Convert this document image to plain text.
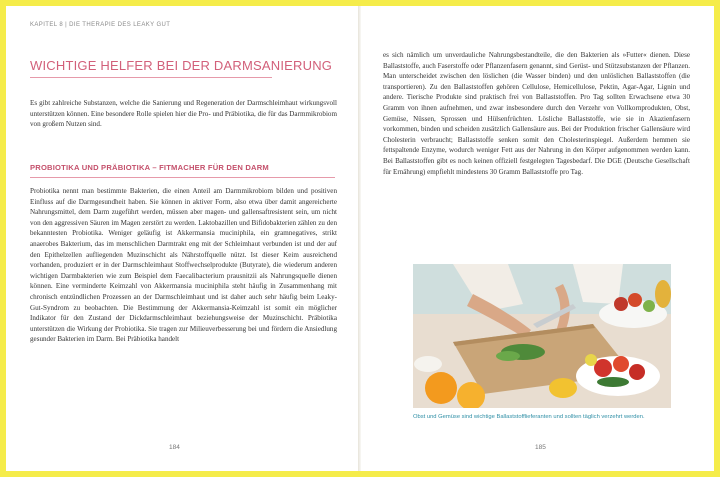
KAPITEL 8 | DIE THERAPIE DES LEAKY GUT
WICHTIGE HELFER BEI DER DARMSANIERUNG

Es gibt zahlreiche Substanzen, welche die Sanierung und Regeneration der Darmschleimhaut wirkungsvoll unterstützen können. Eine besondere Rolle spielen hier die Pro- und Präbiotika, die für das Darmmikrobiom von großem Nutzen sind.

PROBIOTIKA UND PRÄBIOTIKA – FITMACHER FÜR DEN DARM

Probiotika nennt man bestimmte Bakterien, die einen Anteil am Darmmikrobiom bilden und positiven Einfluss auf die Darmgesundheit haben. Sie können in aktiver Form, also etwa über damit angereicherte Nahrungsmittel, dem Darm zugeführt werden, müssen aber magen- und gallensaftresistent sein, um nicht von den aggressiven Säuren im Magen zerstört zu werden. Laktobazillen und Bifidobakterien zählen zu den bekanntesten Probiotika. Weniger geläufig ist Akkermansia muciniphila, ein gramnegatives, strikt anaerobes Bakterium, das im menschlichen Darmtrakt eng mit der Schleimhaut verbunden ist und der auf den Epithelzellen aufliegenden Muzinschicht als Nährstoffquelle nützt. Ist dieser Keim ausreichend vorhanden, produziert er in der Darmschleimhaut Stoffwechselprodukte (Butyrate), die wiederum anderen wichtigen Darmbakterien wie zum Beispiel dem Faecalibacterium prausnitzii als Nahrungsquelle dienen können. Eine verminderte Keimzahl von Akkermansia muciniphila steht häufig in Zusammenhang mit chronisch entzündlichen Prozessen an der Darmschleimhaut und ist daher auch sehr häufig beim Leaky-Gut-Syndrom zu beobachten. Die Bestimmung der Akkermansia-Keimzahl ist somit ein möglicher Indikator für den Zustand der Dickdarmschleimhaut beziehungsweise der Muzinschicht. Präbiotika unterstützen die Wirkung der Probiotika. Sie tragen zur Milieuverbesserung bei und fördern die Ansiedlung gesunder Bakterien im Darm. Bei Präbiotika handelt

184

es sich nämlich um unverdauliche Nahrungsbestandteile, die den Bakterien als »Futter« dienen. Diese Ballaststoffe, auch Faserstoffe oder Pflanzenfasern genannt, sind Gerüst- und Stützsubstanzen der Pflanzen. Man unterscheidet zwischen den löslichen (die Wasser binden) und den unlöslichen Ballaststoffen (die transportieren). Zu den Ballaststoffen gehören Cellulose, Hemicellulose, Pektin, Agar-Agar, Lignin und andere. Tierische Produkte sind praktisch frei von Ballaststoffen. Pro Tag sollten Erwachsene etwa 30 Gramm von ihnen aufnehmen, und zwar insbesondere durch den Verzehr von Vollkornprodukten, Obst, Gemüse, Nüssen, Sprossen und Hülsenfrüchten. Lösliche Ballaststoffe, wie sie in Akazienfasern vorkommen, binden und scheiden zusätzlich Gallensäure aus. Bei der Produktion frischer Gallensäure wird Cholesterin verbraucht; Ballaststoffe senken somit den Cholesterinspiegel. Außerdem hemmen sie fettspaltende Enzyme, wodurch weniger Fett aus der Nahrung in den Körper aufgenommen werden kann. Bei Ballaststoffen gibt es noch keinen offiziell festgelegten Tagesbedarf. Die DGE (Deutsche Gesellschaft für Ernährung) empfiehlt mindestens 30 Gramm Ballaststoffe pro Tag.

Obst und Gemüse sind wichtige Ballaststofflieferanten und sollten täglich verzehrt werden.

185
